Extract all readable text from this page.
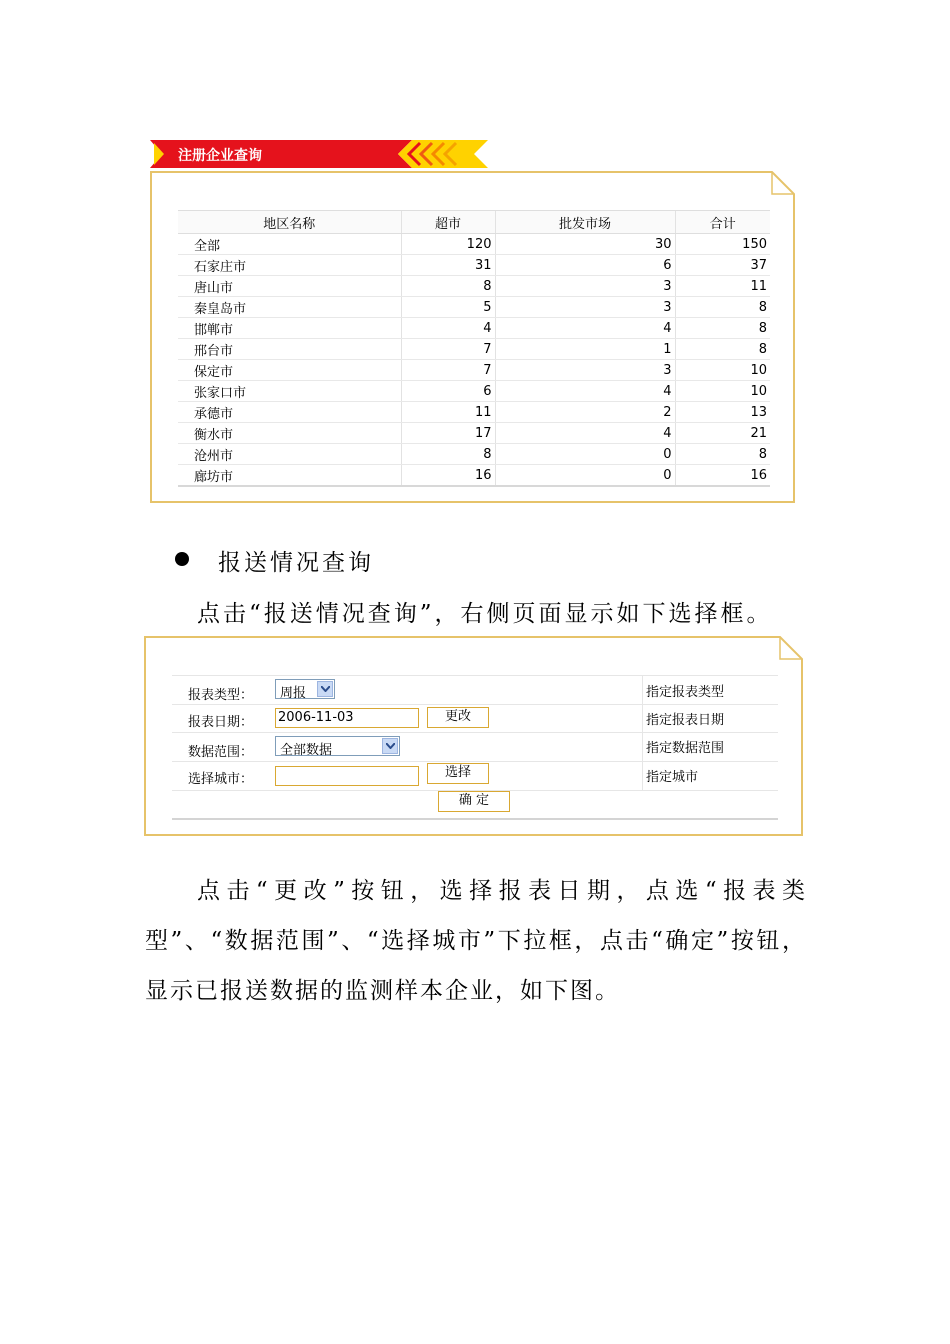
注册企业查询
地区名称	超市	批发市场	合计
全部	120	30	150
石家庄市	31	6	37
唐山市	8	3	11
秦皇岛市	5	3	8
邯郸市	4	4	8
邢台市	7	1	8
保定市	7	3	10
张家口市	6	4	10
承德市	11	2	13
衡水市	17	4	21
沧州市	8	0	8
廊坊市	16	0	16
报送情况查询
点击“报送情况查询”，右侧页面显示如下选择框。
报表类型： 周报	指定报表类型
报表日期： 2006-11-03	更改	指定报表日期
数据范围： 全部数据	指定数据范围
选择城市：	选择	指定城市
确 定
点击“更改”按钮，选择报表日期，点选“报表类型”、“数据范围”、“选择城市”下拉框，点击“确定”按钮，显示已报送数据的监测样本企业，如下图。
